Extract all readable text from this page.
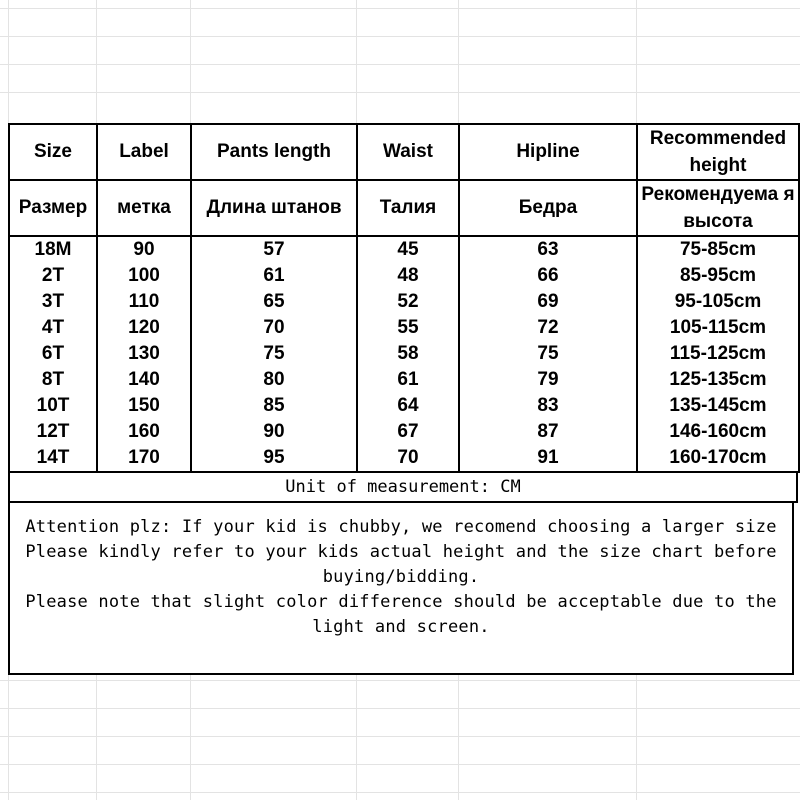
Size	Label	Pants length	Waist	Hipline	Recommended height
Размер	метка	Длина штанов	Талия	Бедра	Рекомендуема я высота
18M	90	57	45	63	75-85cm
2T	100	61	48	66	85-95cm
3T	110	65	52	69	95-105cm
4T	120	70	55	72	105-115cm
6T	130	75	58	75	115-125cm
8T	140	80	61	79	125-135cm
10T	150	85	64	83	135-145cm
12T	160	90	67	87	146-160cm
14T	170	95	70	91	160-170cm
Unit of measurement: CM

Attention plz: If your kid is chubby, we recomend choosing a larger size

Please kindly refer to your kids actual height and the size chart before buying/bidding.

Please note that slight color difference should be acceptable due to the light and screen.
